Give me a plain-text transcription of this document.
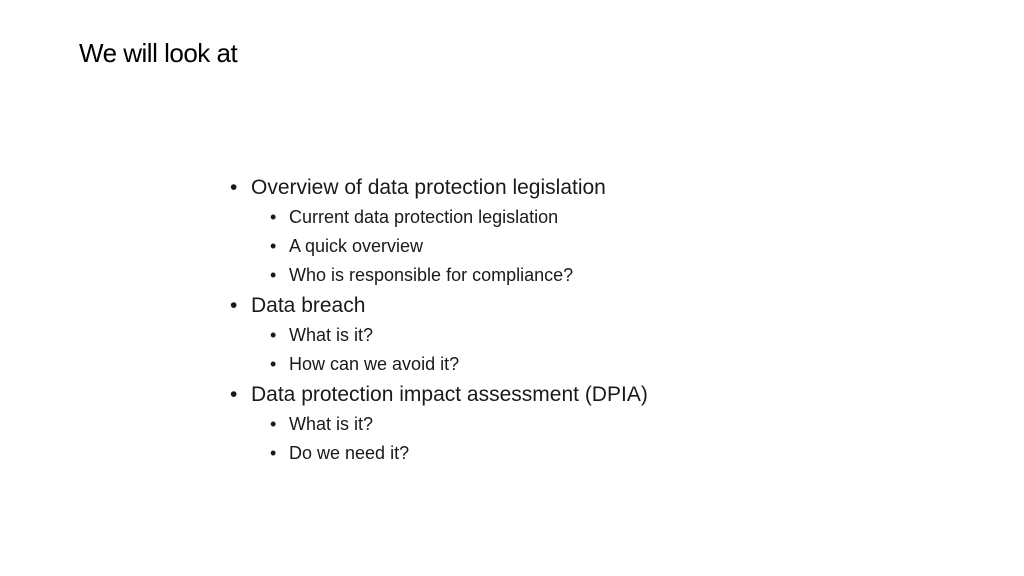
We will look at
• Overview of data protection legislation
• Current data protection legislation
• A quick overview
• Who is responsible for compliance?
• Data breach
• What is it?
• How can we avoid it?
• Data protection impact assessment (DPIA)
• What is it?
• Do we need it?
